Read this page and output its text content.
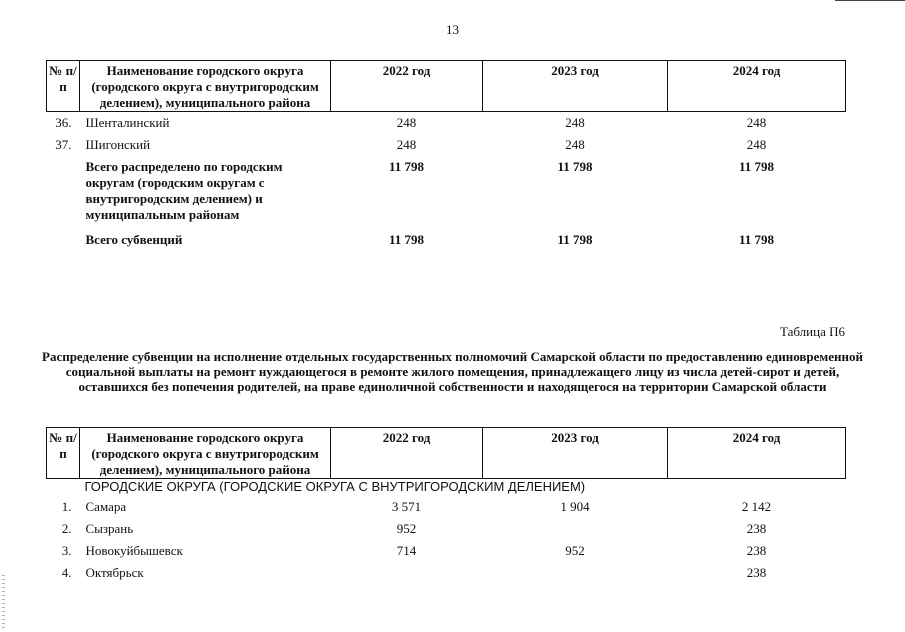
13
№ п/п	Наименование городского округа (городского округа с внутригородским делением), муниципального района	2022 год	2023 год	2024 год
36.	Шенталинский	248	248	248
37.	Шигонский	248	248	248
	Всего распределено по городским округам (городским округам с внутригородским делением) и муниципальным районам	11 798	11 798	11 798
	Всего субвенций	11 798	11 798	11 798
Таблица П6
Распределение субвенции на исполнение отдельных государственных полномочий Самарской области по предоставлению единовременной социальной выплаты на ремонт нуждающегося в ремонте жилого помещения, принадлежащего лицу из числа детей-сирот и детей, оставшихся без попечения родителей, на праве единоличной собственности и находящегося на территории Самарской области
№ п/п	Наименование городского округа (городского округа с внутригородским делением), муниципального района	2022 год	2023 год	2024 год
ГОРОДСКИЕ ОКРУГА (ГОРОДСКИЕ ОКРУГА С ВНУТРИГОРОДСКИМ ДЕЛЕНИЕМ)				
1.	Самара	3 571	1 904	2 142
2.	Сызрань	952		238
3.	Новокуйбышевск	714	952	238
4.	Октябрьск			238
